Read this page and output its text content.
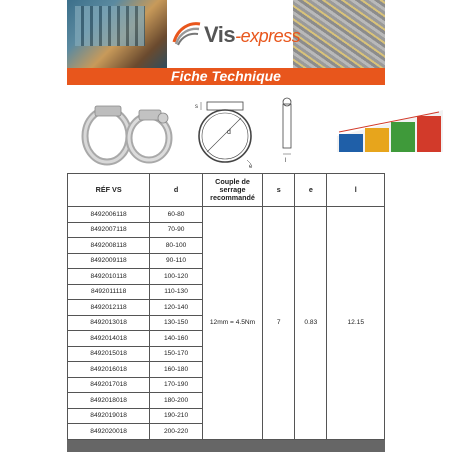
Vis-express
Fiche Technique
d
s
e
l
RÉF VS	d	Couple de serrage recommandé	s	e	l
8492006118	60-80	12mm = 4.5Nm	7	0.83	12.15
8492007118	70-90				
8492008118	80-100				
8492009118	90-110				
8492010118	100-120				
8492011118	110-130				
8492012118	120-140				
8492013018	130-150				
8492014018	140-160				
8492015018	150-170				
8492016018	160-180				
8492017018	170-190				
8492018018	180-200				
8492019018	190-210				
8492020018	200-220				
